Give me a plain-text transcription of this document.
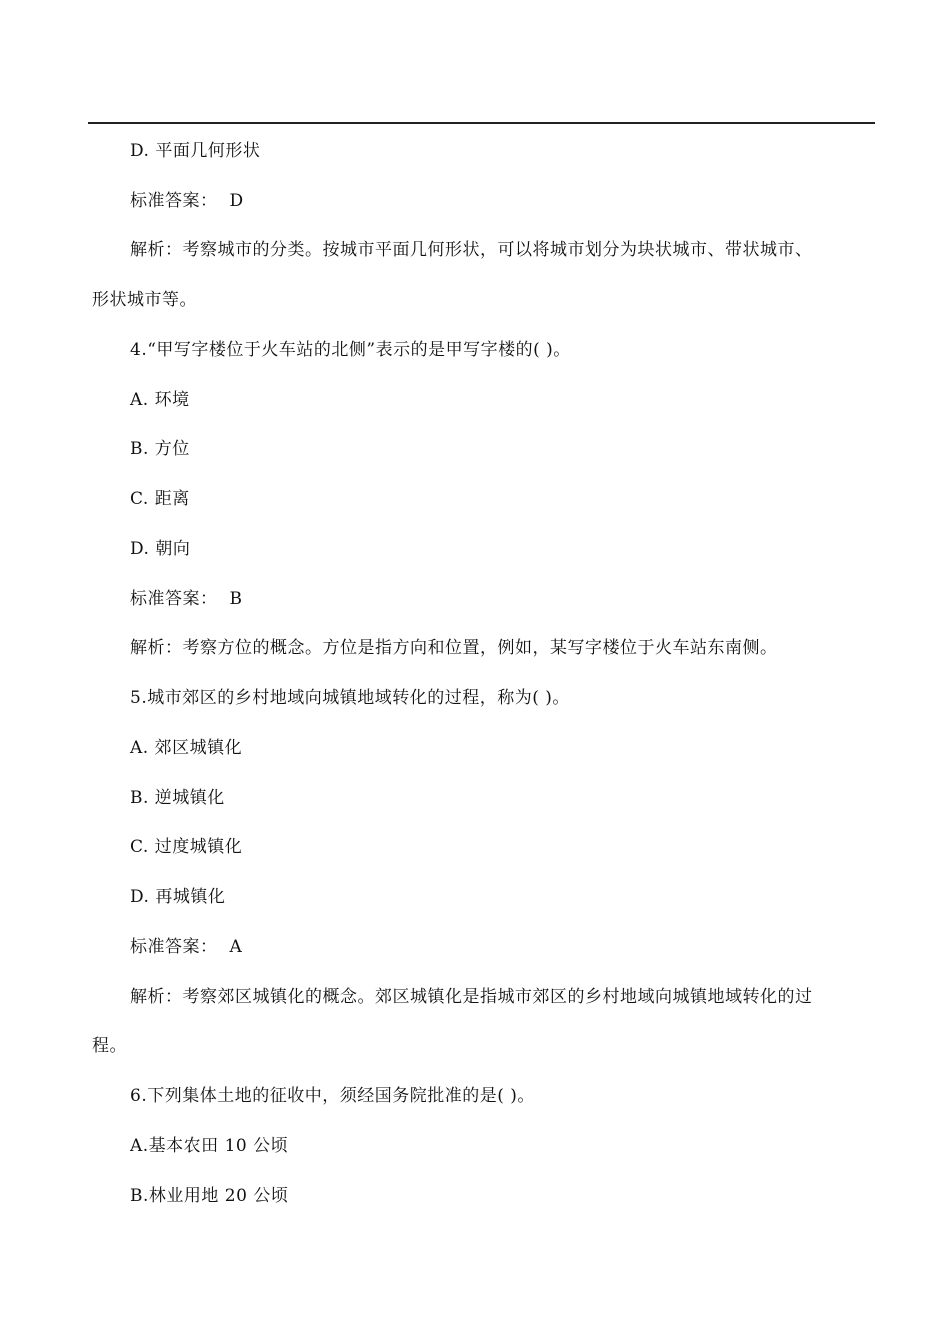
D. 平面几何形状
标准答案： D
解析：考察城市的分类。按城市平面几何形状，可以将城市划分为块状城市、带状城市、
形状城市等。
4.“甲写字楼位于火车站的北侧”表示的是甲写字楼的( )。
A. 环境
B. 方位
C. 距离
D. 朝向
标准答案： B
解析：考察方位的概念。方位是指方向和位置，例如，某写字楼位于火车站东南侧。
5.城市郊区的乡村地域向城镇地域转化的过程，称为( )。
A. 郊区城镇化
B. 逆城镇化
C. 过度城镇化
D. 再城镇化
标准答案： A
解析：考察郊区城镇化的概念。郊区城镇化是指城市郊区的乡村地域向城镇地域转化的过
程。
6.下列集体土地的征收中，须经国务院批准的是( )。
A.基本农田 10 公顷
B.林业用地 20 公顷
